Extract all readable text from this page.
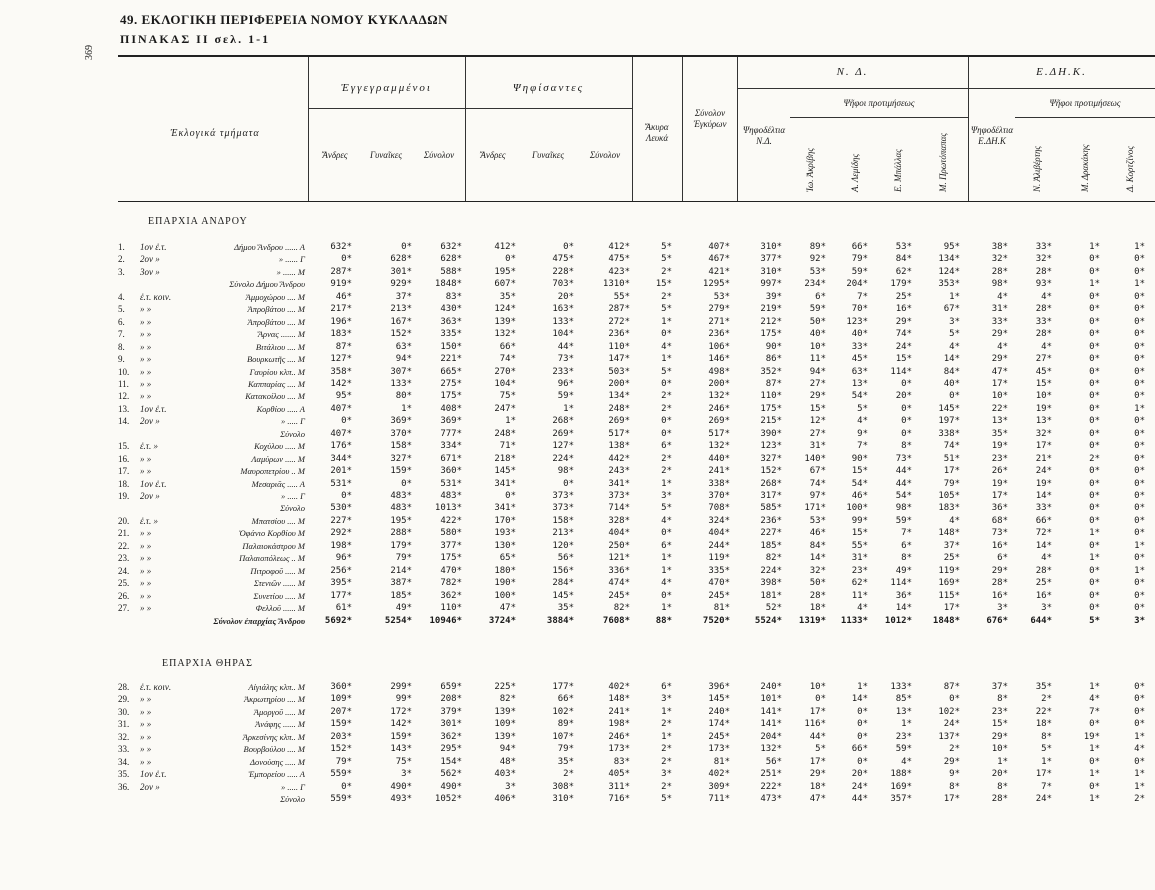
49. ΕΚΛΟΓΙΚΗ ΠΕΡΙΦΕΡΕΙΑ ΝΟΜΟΥ ΚΥΚΛΑΔΩΝ
ΠΙΝΑΚΑΣ ΙΙ σελ. 1-1
369
Ἐκλογικά τμήματα
Ἐγγεγραμμένοι	Ψηφίσαντες
Ἄνδρες	Γυναῖκες	Σύνολον	Ἄνδρες	Γυναῖκες	Σύνολον
Ἄκυρα Λευκά
Σύνολον Ἐγκύρων
Ν. Δ.
Ψηφοδέλτια Ν.Δ.
Ψῆφοι προτιμήσεως
Ἰω. Ἀκρίβης	Α. Λεμίδης	Ε. Μπάλλας	Μ. Πρωτόπαπας
Ε.ΔΗ.Κ.
Ψηφοδέλτια Ε.ΔΗ.Κ
Ψῆφοι προτιμήσεως
Ν. Ἀλιβέρτης	Μ. Δρακάκης	Δ. Κορτζίνος
ΕΠΑΡΧΙΑ ΑΝΔΡΟΥ
1.	1ον ἐ.τ.	Δήμου Ἄνδρου ...... Α	632*	0*	632*	412*	0*	412*	5*	407*	310*	89*	66*	53*	95*	38*	33*	1*	1*
2.	2ον »	» ...... Γ	0*	628*	628*	0*	475*	475*	5*	467*	377*	92*	79*	84*	134*	32*	32*	0*	0*
3.	3ον »	» ...... Μ	287*	301*	588*	195*	228*	423*	2*	421*	310*	53*	59*	62*	124*	28*	28*	0*	0*
Σύνολο Δήμου Ἄνδρου	919*	929*	1848*	607*	703*	1310*	15*	1295*	997*	234*	204*	179*	353*	98*	93*	1*	1*
4.	ἐ.τ. κοιν.	Ἀμμοχώρου .... Μ	46*	37*	83*	35*	20*	55*	2*	53*	39*	6*	7*	25*	1*	4*	4*	0*	0*
5.	» »	Ἀπροβάτου .... Μ	217*	213*	430*	124*	163*	287*	5*	279*	219*	59*	70*	16*	67*	31*	28*	0*	0*
6.	» »	Ἀπροβάτου .... Μ	196*	167*	363*	139*	133*	272*	1*	271*	212*	50*	123*	29*	3*	33*	33*	0*	0*
7.	» »	Ἄρνας ....... Μ	183*	152*	335*	132*	104*	236*	0*	236*	175*	40*	40*	74*	5*	29*	28*	0*	0*
8.	» »	Βιτάλιου .... Μ	87*	63*	150*	66*	44*	110*	4*	106*	90*	10*	33*	24*	4*	4*	4*	0*	0*
9.	» »	Βουρκωτῆς .... Μ	127*	94*	221*	74*	73*	147*	1*	146*	86*	11*	45*	15*	14*	29*	27*	0*	0*
10.	» »	Γαυρίου κλπ.. Μ	358*	307*	665*	270*	233*	503*	5*	498*	352*	94*	63*	114*	84*	47*	45*	0*	0*
11.	» »	Καππαρίας .... Μ	142*	133*	275*	104*	96*	200*	0*	200*	87*	27*	13*	0*	40*	17*	15*	0*	0*
12.	» »	Κατακοίλου .... Μ	95*	80*	175*	75*	59*	134*	2*	132*	110*	29*	54*	20*	0*	10*	10*	0*	0*
13.	1ον ἐ.τ.	Κορθίου ..... Α	407*	1*	408*	247*	1*	248*	2*	246*	175*	15*	5*	0*	145*	22*	19*	0*	1*
14.	2ον »	» ..... Γ	0*	369*	369*	1*	268*	269*	0*	269*	215*	12*	4*	0*	197*	13*	13*	0*	0*
Σύνολο	407*	370*	777*	248*	269*	517*	0*	517*	390*	27*	9*	0*	338*	35*	32*	0*	0*
15.	ἐ.τ. »	Κοχύλου ..... Μ	176*	158*	334*	71*	127*	138*	6*	132*	123*	31*	7*	8*	74*	19*	17*	0*	0*
16.	» »	Λαμύρων ..... Μ	344*	327*	671*	218*	224*	442*	2*	440*	327*	140*	90*	73*	51*	23*	21*	2*	0*
17.	» »	Μαυροπετρίου .. Μ	201*	159*	360*	145*	98*	243*	2*	241*	152*	67*	15*	44*	17*	26*	24*	0*	0*
18.	1ον ἐ.τ.	Μεσαριᾶς ..... Α	531*	0*	531*	341*	0*	341*	1*	338*	268*	74*	54*	44*	79*	19*	19*	0*	0*
19.	2ον »	» ..... Γ	0*	483*	483*	0*	373*	373*	3*	370*	317*	97*	46*	54*	105*	17*	14*	0*	0*
Σύνολο	530*	483*	1013*	341*	373*	714*	5*	708*	585*	171*	100*	98*	183*	36*	33*	0*	0*
20.	ἐ.τ. »	Μπατσίου .... Μ	227*	195*	422*	170*	158*	328*	4*	324*	236*	53*	99*	59*	4*	68*	66*	0*	0*
21.	» »	Ὀφάνιο Κορθίου Μ	292*	288*	580*	193*	213*	404*	0*	404*	227*	46*	15*	7*	148*	73*	72*	1*	0*
22.	» »	Παλαιοκάστρου Μ	198*	179*	377*	130*	120*	250*	6*	244*	185*	84*	55*	6*	37*	16*	14*	0*	1*
23.	» »	Παλαιοπόλεως .. Μ	96*	79*	175*	65*	56*	121*	1*	119*	82*	14*	31*	8*	25*	6*	4*	1*	0*
24.	» »	Πιτροφοῦ ..... Μ	256*	214*	470*	180*	156*	336*	1*	335*	224*	32*	23*	49*	119*	29*	28*	0*	1*
25.	» »	Στενιῶν ...... Μ	395*	387*	782*	190*	284*	474*	4*	470*	398*	50*	62*	114*	169*	28*	25*	0*	0*
26.	» »	Συνετίου ..... Μ	177*	185*	362*	100*	145*	245*	0*	245*	181*	28*	11*	36*	115*	16*	16*	0*	0*
27.	» »	Φελλοῦ ...... Μ	61*	49*	110*	47*	35*	82*	1*	81*	52*	18*	4*	14*	17*	3*	3*	0*	0*
Σύνολον ἐπαρχίας Ἄνδρου	5692*	5254*	10946*	3724*	3884*	7608*	88*	7520*	5524*	1319*	1133*	1012*	1848*	676*	644*	5*	3*
ΕΠΑΡΧΙΑ ΘΗΡΑΣ
28.	ἐ.τ. κοιν.	Αἰγιάλης κλπ.. Μ	360*	299*	659*	225*	177*	402*	6*	396*	240*	10*	1*	133*	87*	37*	35*	1*	0*
29.	» »	Ἀκρωτηρίου .... Μ	109*	99*	208*	82*	66*	148*	3*	145*	101*	0*	14*	85*	0*	8*	2*	4*	0*
30.	» »	Ἀμοργοῦ ..... Μ	207*	172*	379*	139*	102*	241*	1*	240*	141*	17*	0*	13*	102*	23*	22*	7*	0*
31.	» »	Ἀνάφης ...... Μ	159*	142*	301*	109*	89*	198*	2*	174*	141*	116*	0*	1*	24*	15*	18*	0*	0*
32.	» »	Ἀρκεσίνης κλπ.. Μ	203*	159*	362*	139*	107*	246*	1*	245*	204*	44*	0*	23*	137*	29*	8*	19*	1*
33.	» »	Βουρβούλου .... Μ	152*	143*	295*	94*	79*	173*	2*	173*	132*	5*	66*	59*	2*	10*	5*	1*	4*
34.	» »	Δονούσης ..... Μ	79*	75*	154*	48*	35*	83*	2*	81*	56*	17*	0*	4*	29*	1*	1*	0*	0*
35.	1ον ἐ.τ.	Ἐμπορείου ..... Α	559*	3*	562*	403*	2*	405*	3*	402*	251*	29*	20*	188*	9*	20*	17*	1*	1*
36.	2ον »	» ..... Γ	0*	490*	490*	3*	308*	311*	2*	309*	222*	18*	24*	169*	8*	8*	7*	0*	1*
Σύνολο	559*	493*	1052*	406*	310*	716*	5*	711*	473*	47*	44*	357*	17*	28*	24*	1*	2*
